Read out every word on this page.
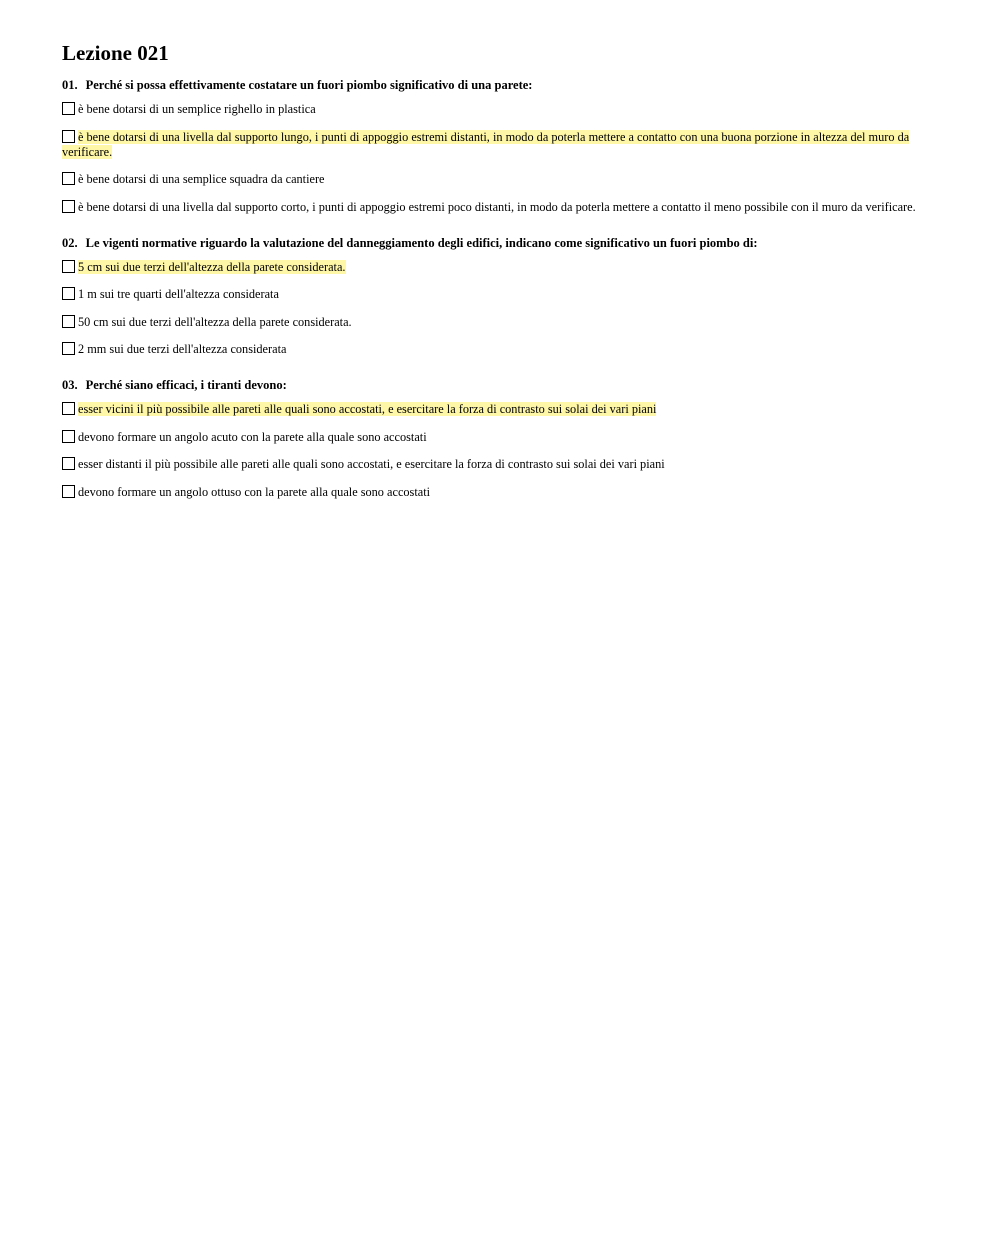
Lezione 021
01. Perché si possa effettivamente costatare un fuori piombo significativo di una parete:
è bene dotarsi di un semplice righello in plastica
è bene dotarsi di una livella dal supporto lungo, i punti di appoggio estremi distanti, in modo da poterla mettere a contatto con una buona porzione in altezza del muro da verificare.
è bene dotarsi di una semplice squadra da cantiere
è bene dotarsi di una livella dal supporto corto, i punti di appoggio estremi poco distanti, in modo da poterla mettere a contatto il meno possibile con il muro da verificare.
02. Le vigenti normative riguardo la valutazione del danneggiamento degli edifici, indicano come significativo un fuori piombo di:
5 cm sui due terzi dell'altezza della parete considerata.
1 m sui tre quarti dell'altezza considerata
50 cm sui due terzi dell'altezza della parete considerata.
2 mm sui due terzi dell'altezza considerata
03. Perché siano efficaci, i tiranti devono:
esser vicini il più possibile alle pareti alle quali sono accostati, e esercitare la forza di contrasto sui solai dei vari piani
devono formare un angolo acuto con la parete alla quale sono accostati
esser distanti il più possibile alle pareti alle quali sono accostati, e esercitare la forza di contrasto sui solai dei vari piani
devono formare un angolo ottuso con la parete alla quale sono accostati
